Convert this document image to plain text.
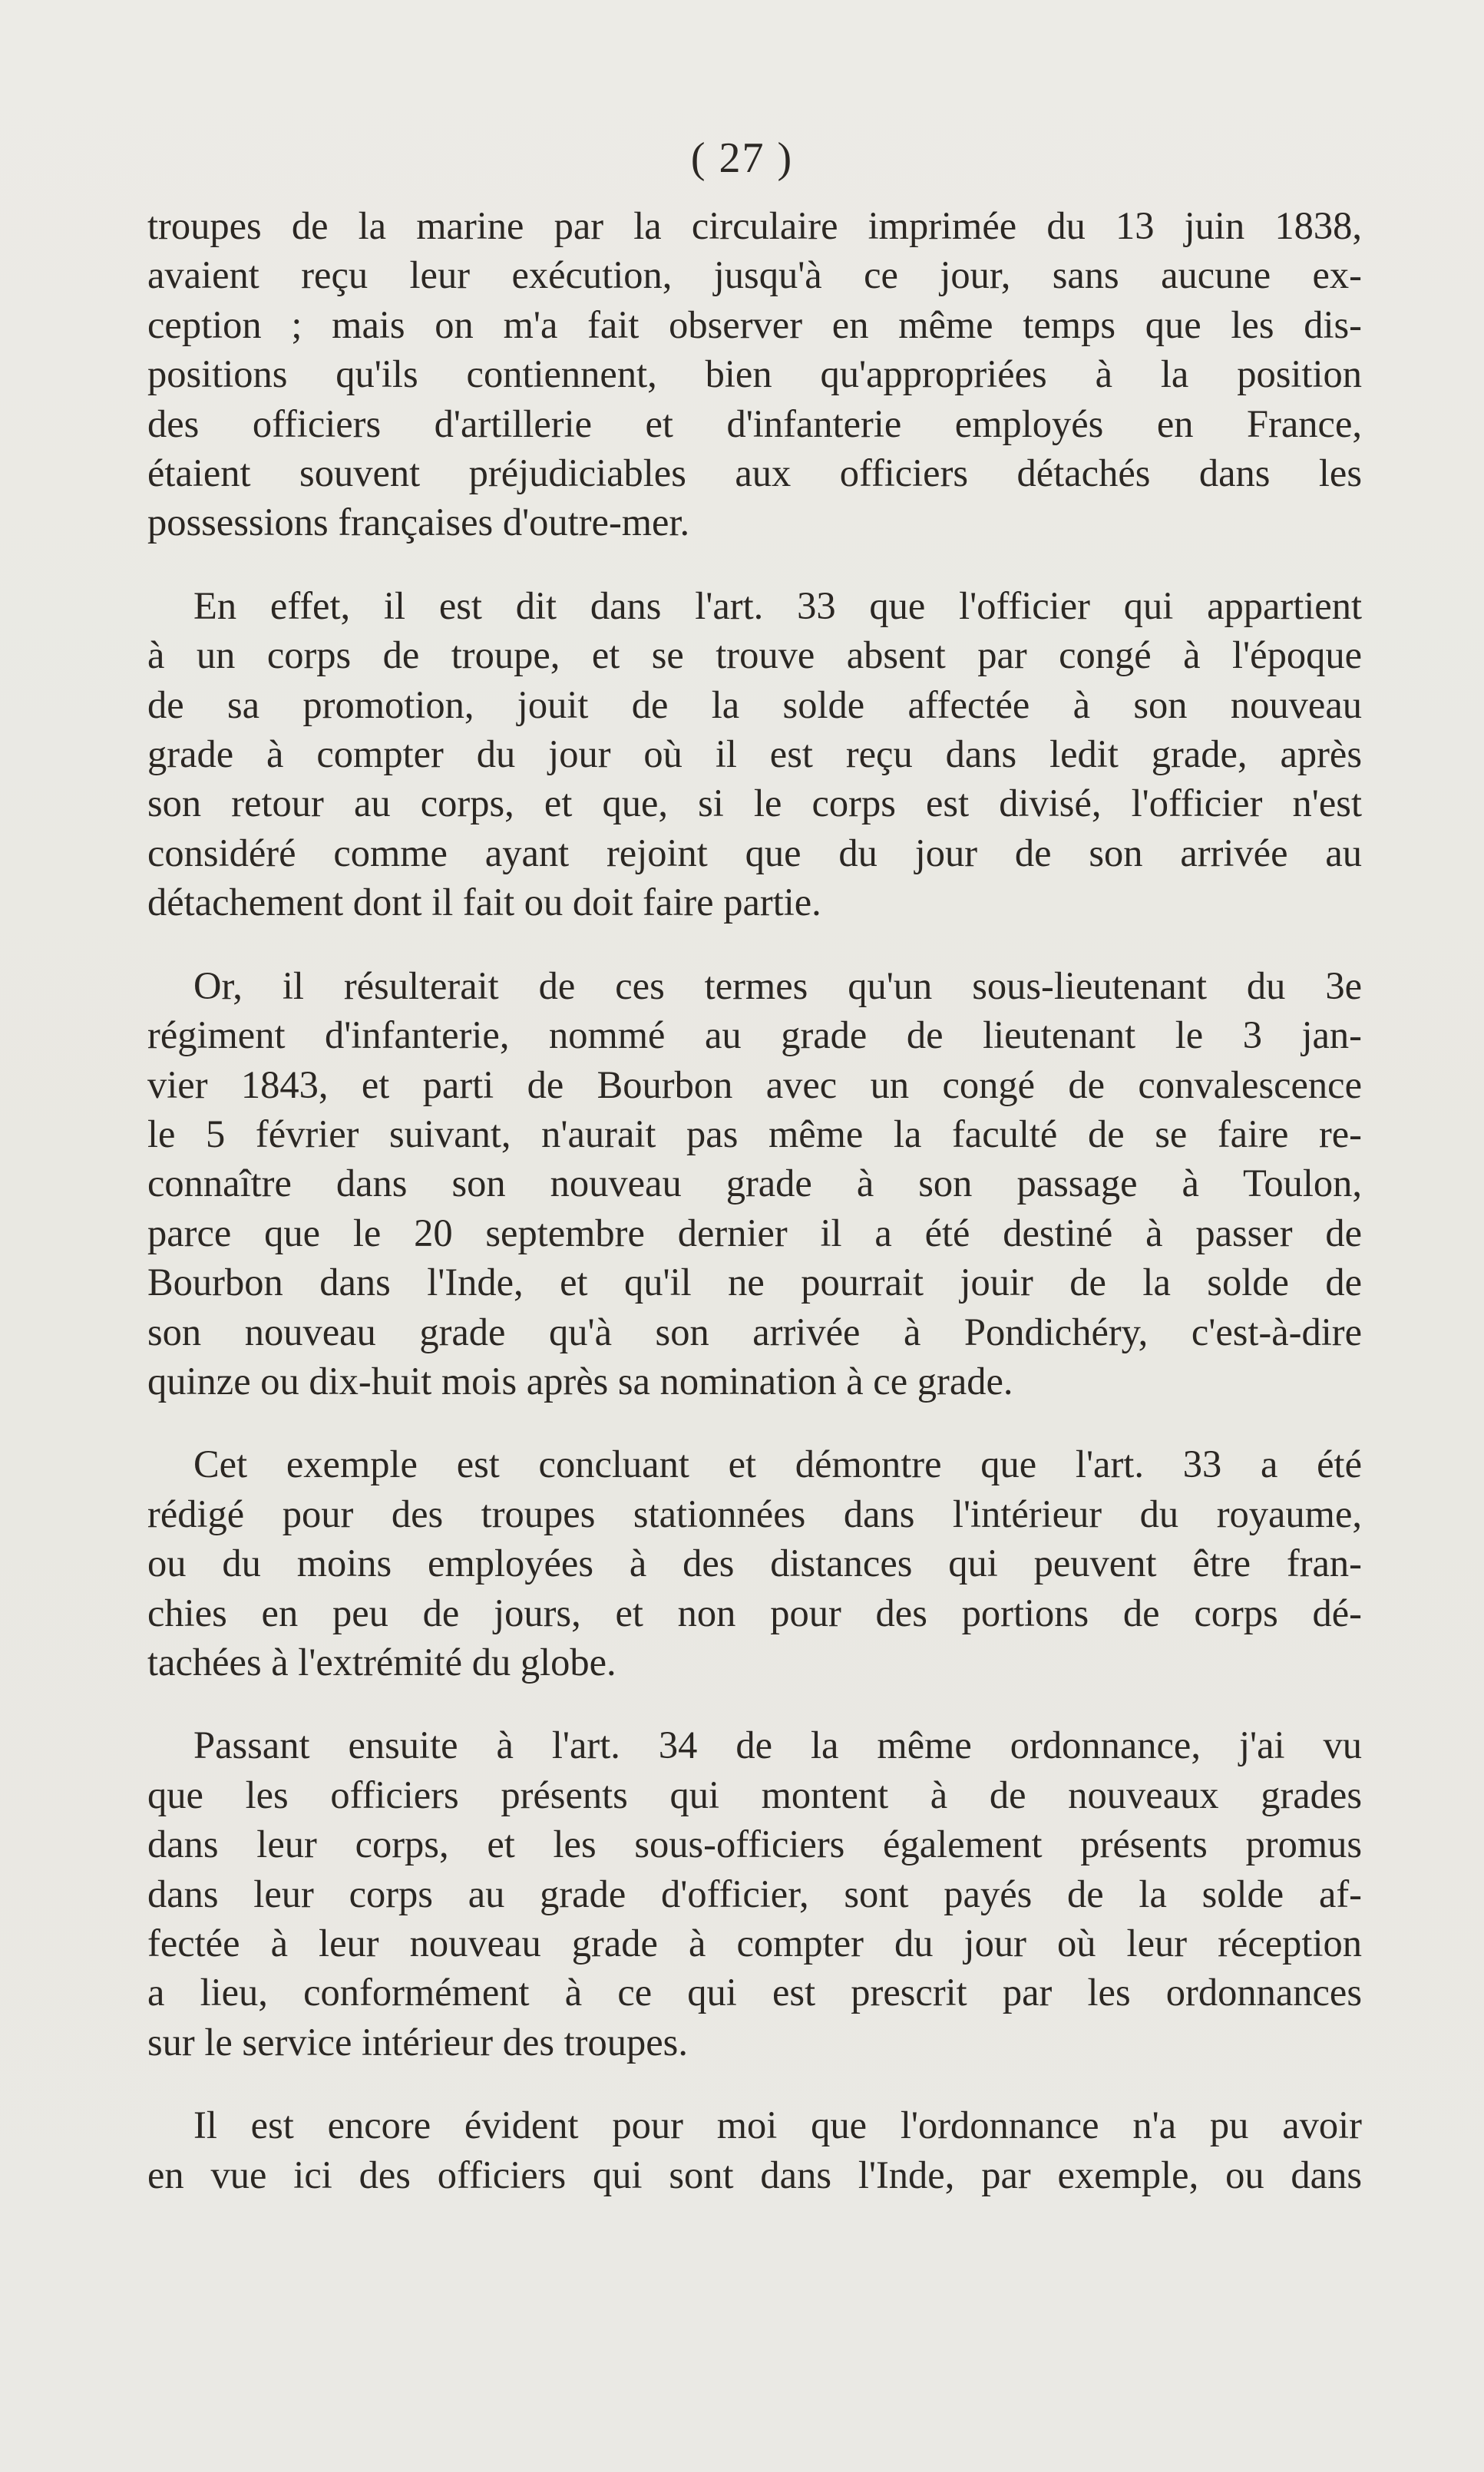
( 27 )

troupes de la marine par la circulaire imprimée du 13 juin 1838,
avaient reçu leur exécution, jusqu'à ce jour, sans aucune ex-
ception ; mais on m'a fait observer en même temps que les dis-
positions qu'ils contiennent, bien qu'appropriées à la position
des officiers d'artillerie et d'infanterie employés en France,
étaient souvent préjudiciables aux officiers détachés dans les
possessions françaises d'outre-mer.

En effet, il est dit dans l'art. 33 que l'officier qui appartient
à un corps de troupe, et se trouve absent par congé à l'époque
de sa promotion, jouit de la solde affectée à son nouveau
grade à compter du jour où il est reçu dans ledit grade, après
son retour au corps, et que, si le corps est divisé, l'officier n'est
considéré comme ayant rejoint que du jour de son arrivée au
détachement dont il fait ou doit faire partie.

Or, il résulterait de ces termes qu'un sous-lieutenant du 3e
régiment d'infanterie, nommé au grade de lieutenant le 3 jan-
vier 1843, et parti de Bourbon avec un congé de convalescence
le 5 février suivant, n'aurait pas même la faculté de se faire re-
connaître dans son nouveau grade à son passage à Toulon,
parce que le 20 septembre dernier il a été destiné à passer de
Bourbon dans l'Inde, et qu'il ne pourrait jouir de la solde de
son nouveau grade qu'à son arrivée à Pondichéry, c'est-à-dire
quinze ou dix-huit mois après sa nomination à ce grade.

Cet exemple est concluant et démontre que l'art. 33 a été
rédigé pour des troupes stationnées dans l'intérieur du royaume,
ou du moins employées à des distances qui peuvent être fran-
chies en peu de jours, et non pour des portions de corps dé-
tachées à l'extrémité du globe.

Passant ensuite à l'art. 34 de la même ordonnance, j'ai vu
que les officiers présents qui montent à de nouveaux grades
dans leur corps, et les sous-officiers également présents promus
dans leur corps au grade d'officier, sont payés de la solde af-
fectée à leur nouveau grade à compter du jour où leur réception
a lieu, conformément à ce qui est prescrit par les ordonnances
sur le service intérieur des troupes.

Il est encore évident pour moi que l'ordonnance n'a pu avoir
en vue ici des officiers qui sont dans l'Inde, par exemple, ou dans
